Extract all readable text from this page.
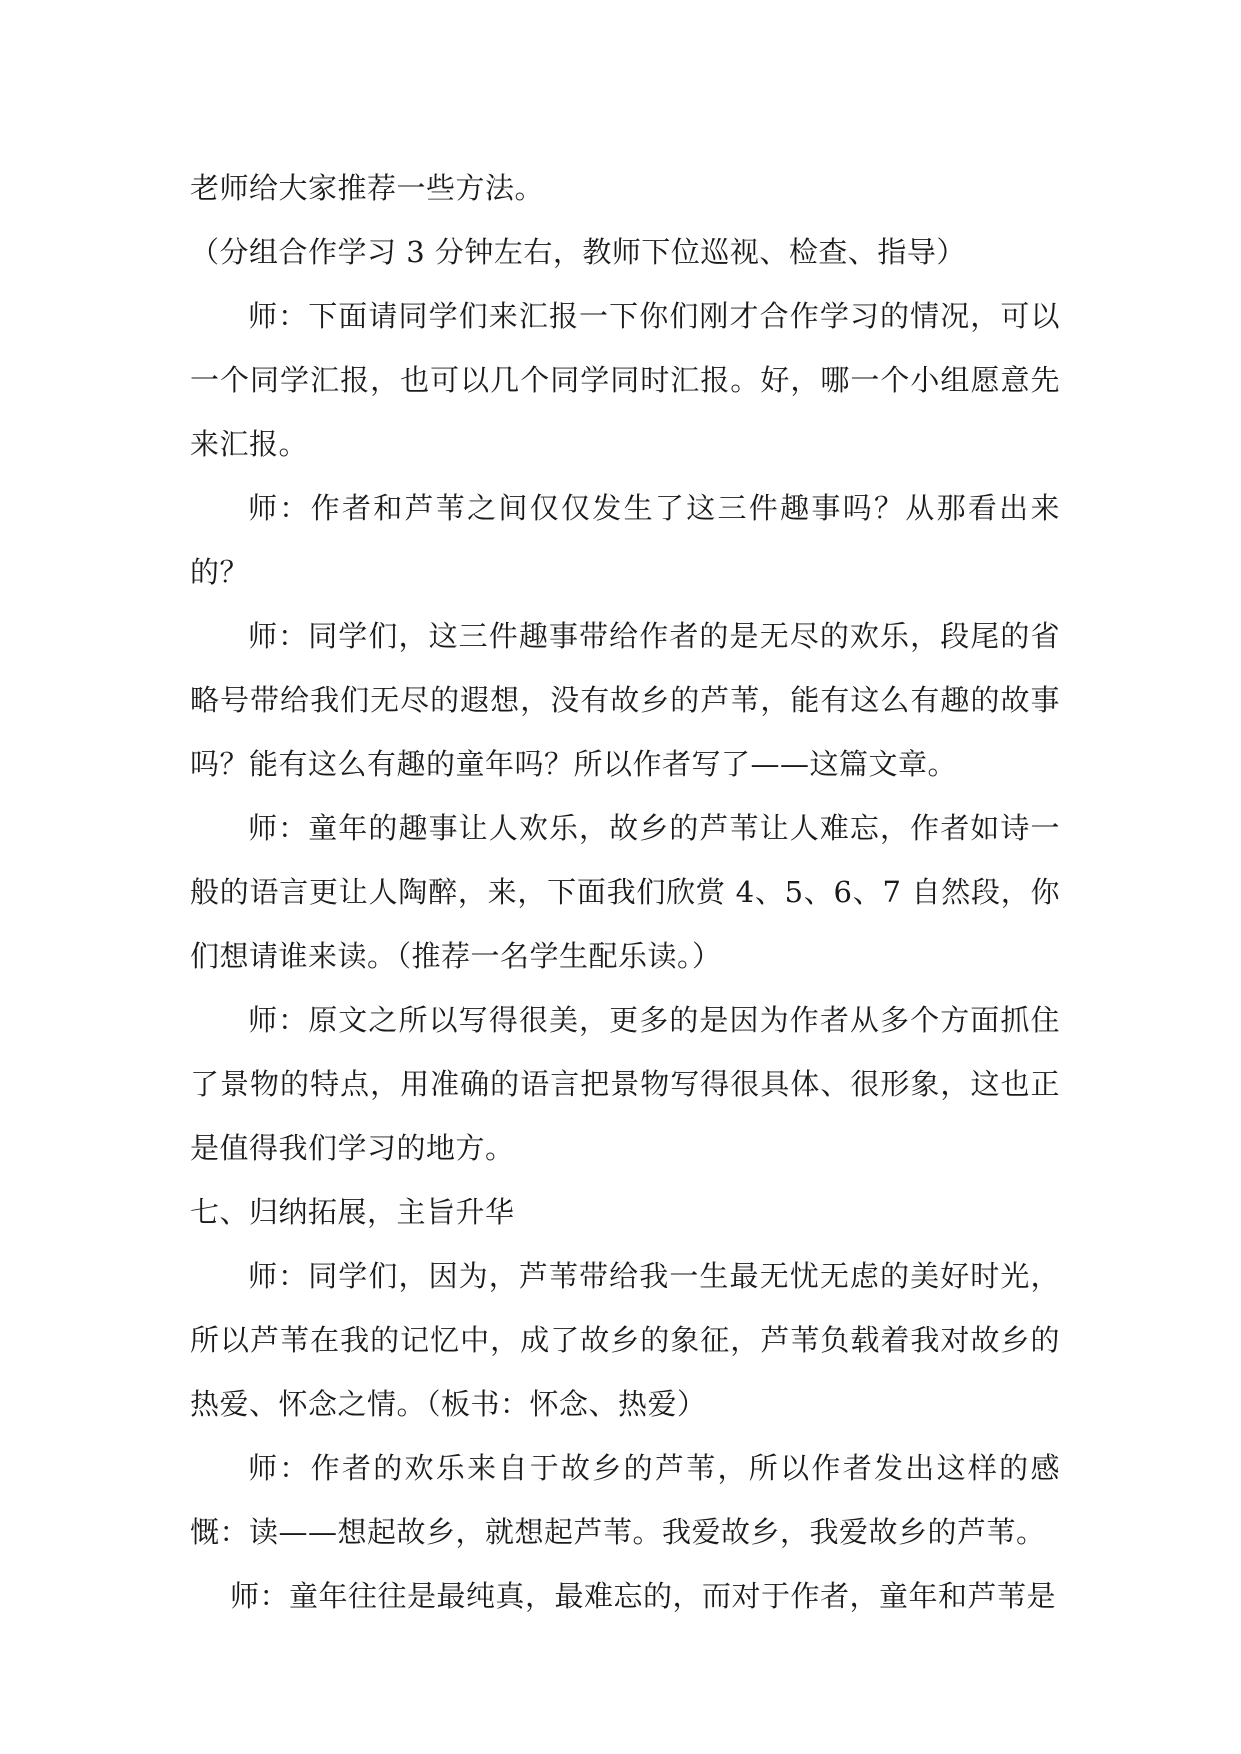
老师给大家推荐一些方法。

（分组合作学习 3 分钟左右，教师下位巡视、检查、指导）

师：下面请同学们来汇报一下你们刚才合作学习的情况，可以一个同学汇报，也可以几个同学同时汇报。好，哪一个小组愿意先来汇报。

师：作者和芦苇之间仅仅发生了这三件趣事吗？从那看出来的？

师：同学们，这三件趣事带给作者的是无尽的欢乐，段尾的省略号带给我们无尽的遐想，没有故乡的芦苇，能有这么有趣的故事吗？能有这么有趣的童年吗？所以作者写了——这篇文章。

师：童年的趣事让人欢乐，故乡的芦苇让人难忘，作者如诗一般的语言更让人陶醉，来，下面我们欣赏 4、5、6、7 自然段，你们想请谁来读。（推荐一名学生配乐读。）

师：原文之所以写得很美，更多的是因为作者从多个方面抓住了景物的特点，用准确的语言把景物写得很具体、很形象，这也正是值得我们学习的地方。

七、归纳拓展，主旨升华

师：同学们，因为，芦苇带给我一生最无忧无虑的美好时光，所以芦苇在我的记忆中，成了故乡的象征，芦苇负载着我对故乡的热爱、怀念之情。（板书：怀念、热爱）

师：作者的欢乐来自于故乡的芦苇，所以作者发出这样的感慨：读——想起故乡，就想起芦苇。我爱故乡，我爱故乡的芦苇。

师：童年往往是最纯真，最难忘的，而对于作者，童年和芦苇是
